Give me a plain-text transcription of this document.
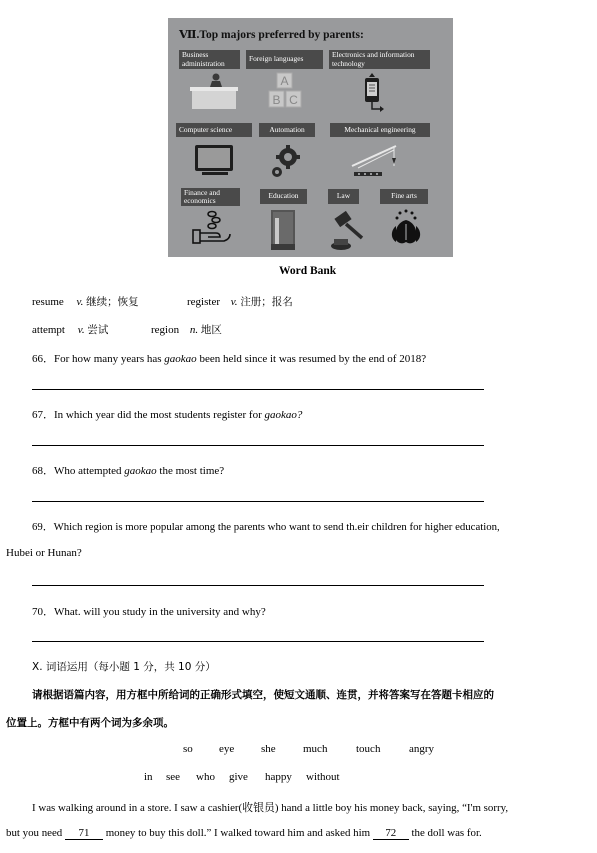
Ⅶ.Top majors preferred by parents:
Business administration	Foreign languages	Electronics and information technology
A
B C
Computer science	Automation	Mechanical engineering
Finance and economics
Education	Law	Fine arts
Word Bank
resume v. 继续；恢复	register v. 注册；报名
attempt v. 尝试	region n. 地区
66．For how many years has gaokao been held since it was resumed by the end of 2018?
67．In which year did the most students register for gaokao?
68．Who attempted gaokao the most time?
69．Which region is more popular among the parents who want to send th.eir children for higher education,
Hubei or Hunan?
70．What. will you study in the university and why?
Ⅹ. 词语运用（每小题 1 分，共 10 分）
请根据语篇内容，用方框中所给词的正确形式填空，使短文通顺、连贯，并将答案写在答题卡相应的
位置上。方框中有两个词为多余项。
so eye she much	touch	angry
in see who give happy without
I was walking around in a store. I saw a cashier(收银员) hand a little boy his money back, saying, “I'm sorry,
but you need 71 money to buy this doll.” I walked toward him and asked him 72 the doll was for.
